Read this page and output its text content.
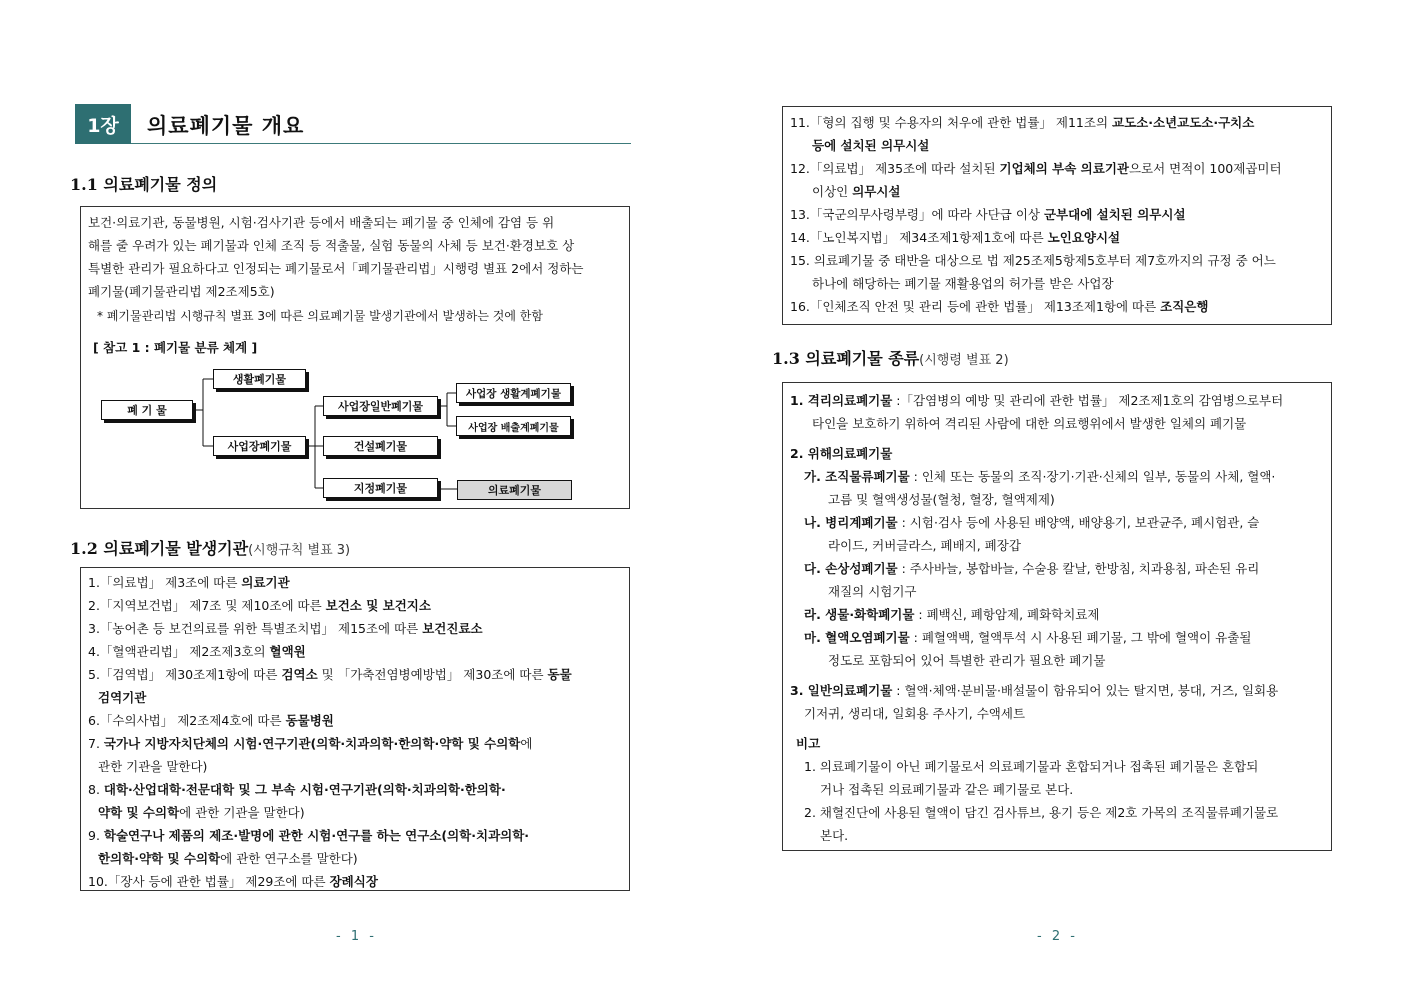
1장	의료폐기물 개요
1.1 의료폐기물 정의
보건·의료기관, 동물병원, 시험·검사기관 등에서 배출되는 폐기물 중 인체에 감염 등 위
해를 줄 우려가 있는 폐기물과 인체 조직 등 적출물, 실험 동물의 사체 등 보건·환경보호 상
특별한 관리가 필요하다고 인정되는 폐기물로서「폐기물관리법」시행령 별표 2에서 정하는
폐기물(폐기물관리법 제2조제5호)
* 폐기물관리법 시행규칙 별표 3에 따른 의료폐기물 발생기관에서 발생하는 것에 한함
[ 참고 1 : 폐기물 분류 체계 ]
폐 기 물
생활폐기물
사업장폐기물
사업장일반폐기물
건설폐기물
지정폐기물
사업장 생활계폐기물
사업장 배출계폐기물
의료폐기물
1.2 의료폐기물 발생기관(시행규칙 별표 3)
1.「의료법」 제3조에 따른 의료기관
2.「지역보건법」 제7조 및 제10조에 따른 보건소 및 보건지소
3.「농어촌 등 보건의료를 위한 특별조치법」 제15조에 따른 보건진료소
4.「혈액관리법」 제2조제3호의 혈액원
5.「검역법」 제30조제1항에 따른 검역소 및 「가축전염병예방법」 제30조에 따른 동물
검역기관
6.「수의사법」 제2조제4호에 따른 동물병원
7. 국가나 지방자치단체의 시험·연구기관(의학·치과의학·한의학·약학 및 수의학에
관한 기관을 말한다)
8. 대학·산업대학·전문대학 및 그 부속 시험·연구기관(의학·치과의학·한의학·
약학 및 수의학에 관한 기관을 말한다)
9. 학술연구나 제품의 제조·발명에 관한 시험·연구를 하는 연구소(의학·치과의학·
한의학·약학 및 수의학에 관한 연구소를 말한다)
10.「장사 등에 관한 법률」 제29조에 따른 장례식장
- 1 -
11.「형의 집행 및 수용자의 처우에 관한 법률」 제11조의 교도소·소년교도소·구치소
등에 설치된 의무시설
12.「의료법」 제35조에 따라 설치된 기업체의 부속 의료기관으로서 면적이 100제곱미터
이상인 의무시설
13.「국군의무사령부령」에 따라 사단급 이상 군부대에 설치된 의무시설
14.「노인복지법」 제34조제1항제1호에 따른 노인요양시설
15. 의료폐기물 중 태반을 대상으로 법 제25조제5항제5호부터 제7호까지의 규정 중 어느
하나에 해당하는 폐기물 재활용업의 허가를 받은 사업장
16.「인체조직 안전 및 관리 등에 관한 법률」 제13조제1항에 따른 조직은행
1.3 의료폐기물 종류(시행령 별표 2)
1. 격리의료폐기물 :「감염병의 예방 및 관리에 관한 법률」 제2조제1호의 감염병으로부터
타인을 보호하기 위하여 격리된 사람에 대한 의료행위에서 발생한 일체의 폐기물
2. 위해의료폐기물
가. 조직물류폐기물 : 인체 또는 동물의 조직·장기·기관·신체의 일부, 동물의 사체, 혈액·
고름 및 혈액생성물(혈청, 혈장, 혈액제제)
나. 병리계폐기물 : 시험·검사 등에 사용된 배양액, 배양용기, 보관균주, 폐시험관, 슬
라이드, 커버글라스, 폐배지, 폐장갑
다. 손상성폐기물 : 주사바늘, 봉합바늘, 수술용 칼날, 한방침, 치과용침, 파손된 유리
재질의 시험기구
라. 생물·화학폐기물 : 폐백신, 폐항암제, 폐화학치료제
마. 혈액오염폐기물 : 폐혈액백, 혈액투석 시 사용된 폐기물, 그 밖에 혈액이 유출될
정도로 포함되어 있어 특별한 관리가 필요한 폐기물
3. 일반의료폐기물 : 혈액·체액·분비물·배설물이 함유되어 있는 탈지면, 붕대, 거즈, 일회용
기저귀, 생리대, 일회용 주사기, 수액세트
비고
1. 의료폐기물이 아닌 폐기물로서 의료폐기물과 혼합되거나 접촉된 폐기물은 혼합되
거나 접촉된 의료폐기물과 같은 폐기물로 본다.
2. 채혈진단에 사용된 혈액이 담긴 검사튜브, 용기 등은 제2호 가목의 조직물류폐기물로
본다.
- 2 -
